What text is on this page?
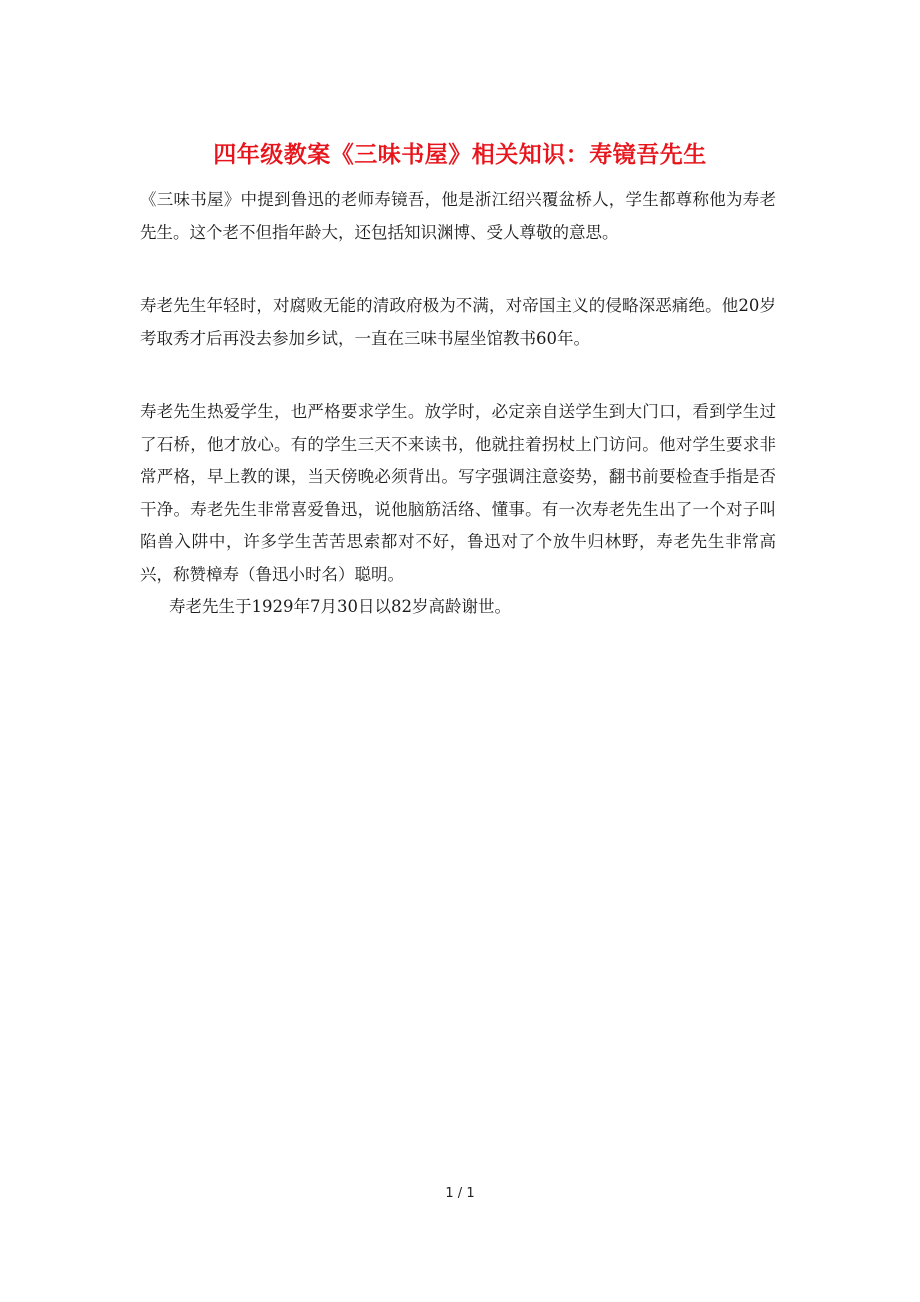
四年级教案《三味书屋》相关知识：寿镜吾先生

《三味书屋》中提到鲁迅的老师寿镜吾，他是浙江绍兴覆盆桥人，学生都尊称他为寿老先生。这个老不但指年龄大，还包括知识渊博、受人尊敬的意思。

寿老先生年轻时，对腐败无能的清政府极为不满，对帝国主义的侵略深恶痛绝。他20岁考取秀才后再没去参加乡试，一直在三味书屋坐馆教书60年。

寿老先生热爱学生，也严格要求学生。放学时，必定亲自送学生到大门口，看到学生过了石桥，他才放心。有的学生三天不来读书，他就拄着拐杖上门访问。他对学生要求非常严格，早上教的课，当天傍晚必须背出。写字强调注意姿势，翻书前要检查手指是否干净。寿老先生非常喜爱鲁迅，说他脑筋活络、懂事。有一次寿老先生出了一个对子叫陷兽入阱中，许多学生苦苦思索都对不好，鲁迅对了个放牛归林野，寿老先生非常高兴，称赞樟寿（鲁迅小时名）聪明。

寿老先生于1929年7月30日以82岁高龄谢世。

1 / 1
